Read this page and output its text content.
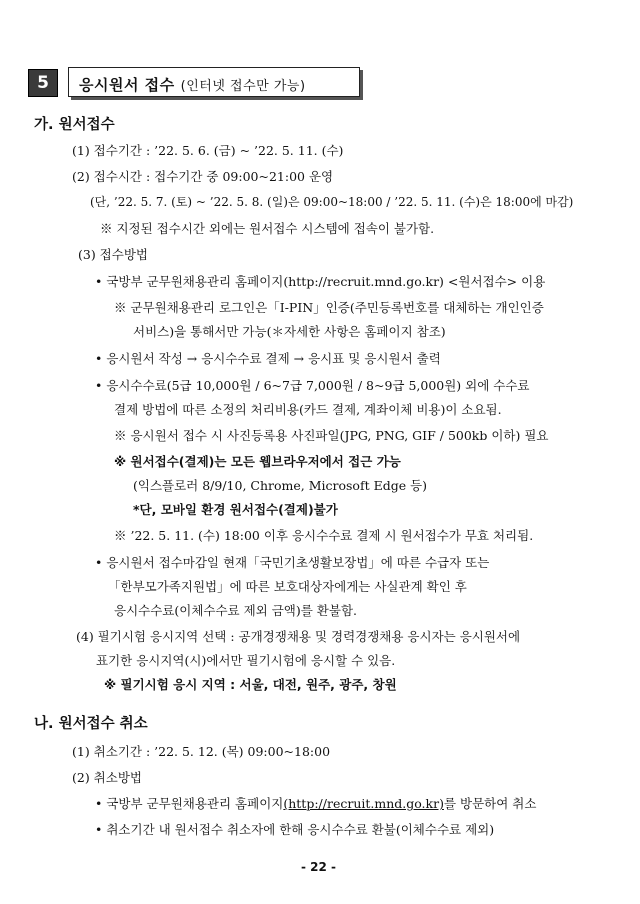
5	응시원서 접수 (인터넷 접수만 가능)
가. 원서접수
(1) 접수기간 : ’22. 5. 6. (금) ~ ’22. 5. 11. (수)
(2) 접수시간 : 접수기간 중 09:00~21:00 운영
(단, ’22. 5. 7. (토) ~ ’22. 5. 8. (일)은 09:00~18:00 / ’22. 5. 11. (수)은 18:00에 마감)
※ 지정된 접수시간 외에는 원서접수 시스템에 접속이 불가함.
(3) 접수방법
• 국방부 군무원채용관리 홈페이지(http://recruit.mnd.go.kr) <원서접수> 이용
※ 군무원채용관리 로그인은「I-PIN」인증(주민등록번호를 대체하는 개인인증
서비스)을 통해서만 가능(＊자세한 사항은 홈페이지 참조)
• 응시원서 작성 → 응시수수료 결제 → 응시표 및 응시원서 출력
• 응시수수료(5급 10,000원 / 6~7급 7,000원 / 8~9급 5,000원) 외에 수수료
결제 방법에 따른 소정의 처리비용(카드 결제, 계좌이체 비용)이 소요됨.
※ 응시원서 접수 시 사진등록용 사진파일(JPG, PNG, GIF / 500kb 이하) 필요
※ 원서접수(결제)는 모든 웹브라우저에서 접근 가능
(익스플로러 8/9/10, Chrome, Microsoft Edge 등)
*단, 모바일 환경 원서접수(결제)불가
※ ’22. 5. 11. (수) 18:00 이후 응시수수료 결제 시 원서접수가 무효 처리됨.
• 응시원서 접수마감일 현재「국민기초생활보장법」에 따른 수급자 또는
「한부모가족지원법」에 따른 보호대상자에게는 사실관계 확인 후
응시수수료(이체수수료 제외 금액)를 환불함.
(4) 필기시험 응시지역 선택 : 공개경쟁채용 및 경력경쟁채용 응시자는 응시원서에
표기한 응시지역(시)에서만 필기시험에 응시할 수 있음.
※ 필기시험 응시 지역 : 서울, 대전, 원주, 광주, 창원
나. 원서접수 취소
(1) 취소기간 : ’22. 5. 12. (목) 09:00~18:00
(2) 취소방법
• 국방부 군무원채용관리 홈페이지(http://recruit.mnd.go.kr)를 방문하여 취소
• 취소기간 내 원서접수 취소자에 한해 응시수수료 환불(이체수수료 제외)
- 22 -
